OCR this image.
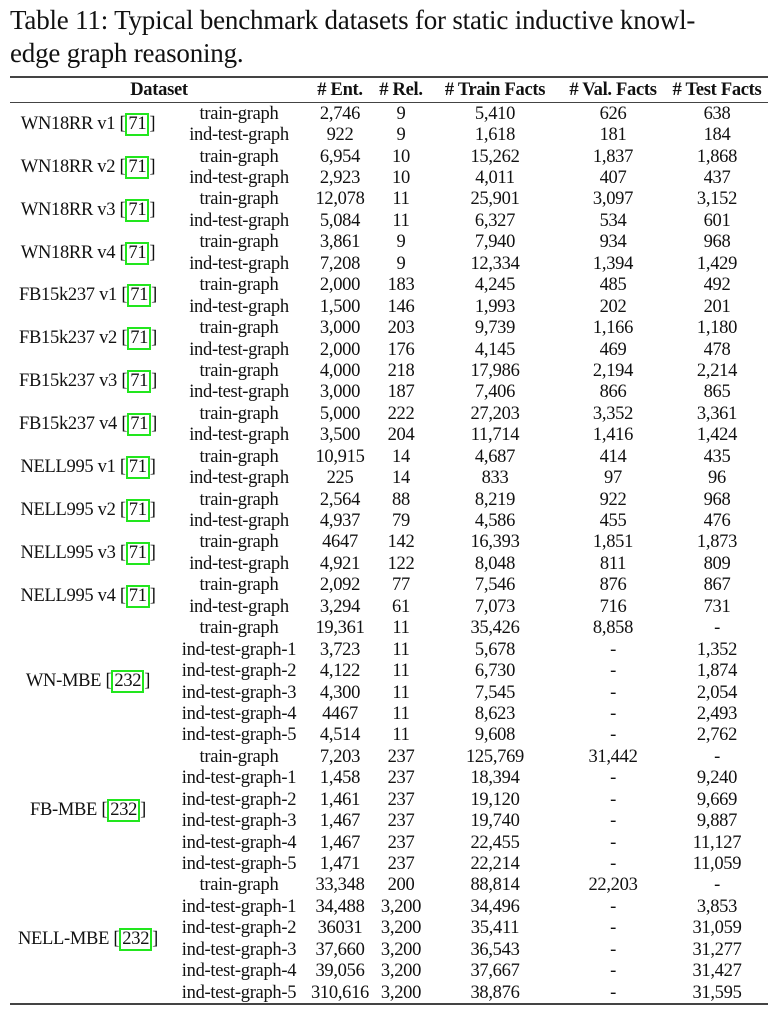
Table 11: Typical benchmark datasets for static inductive knowl-
edge graph reasoning.
Dataset		# Ent.	# Rel.	# Train Facts	# Val. Facts	# Test Facts
WN18RR v1 [ 71 ]	train-graph	2,746	9	5,410	626	638
	ind-test-graph	922	9	1,618	181	184
WN18RR v2 [ 71 ]	train-graph	6,954	10	15,262	1,837	1,868
	ind-test-graph	2,923	10	4,011	407	437
WN18RR v3 [ 71 ]	train-graph	12,078	11	25,901	3,097	3,152
	ind-test-graph	5,084	11	6,327	534	601
WN18RR v4 [ 71 ]	train-graph	3,861	9	7,940	934	968
	ind-test-graph	7,208	9	12,334	1,394	1,429
FB15k237 v1 [ 71 ]	train-graph	2,000	183	4,245	485	492
	ind-test-graph	1,500	146	1,993	202	201
FB15k237 v2 [ 71 ]	train-graph	3,000	203	9,739	1,166	1,180
	ind-test-graph	2,000	176	4,145	469	478
FB15k237 v3 [ 71 ]	train-graph	4,000	218	17,986	2,194	2,214
	ind-test-graph	3,000	187	7,406	866	865
FB15k237 v4 [ 71 ]	train-graph	5,000	222	27,203	3,352	3,361
	ind-test-graph	3,500	204	11,714	1,416	1,424
NELL995 v1 [ 71 ]	train-graph	10,915	14	4,687	414	435
	ind-test-graph	225	14	833	97	96
NELL995 v2 [ 71 ]	train-graph	2,564	88	8,219	922	968
	ind-test-graph	4,937	79	4,586	455	476
NELL995 v3 [ 71 ]	train-graph	4647	142	16,393	1,851	1,873
	ind-test-graph	4,921	122	8,048	811	809
NELL995 v4 [ 71 ]	train-graph	2,092	77	7,546	876	867
	ind-test-graph	3,294	61	7,073	716	731
WN-MBE [ 232 ]	train-graph	19,361	11	35,426	8,858	-
	ind-test-graph-1	3,723	11	5,678	-	1,352
	ind-test-graph-2	4,122	11	6,730	-	1,874
	ind-test-graph-3	4,300	11	7,545	-	2,054
	ind-test-graph-4	4467	11	8,623	-	2,493
	ind-test-graph-5	4,514	11	9,608	-	2,762
FB-MBE [ 232 ]	train-graph	7,203	237	125,769	31,442	-
	ind-test-graph-1	1,458	237	18,394	-	9,240
	ind-test-graph-2	1,461	237	19,120	-	9,669
	ind-test-graph-3	1,467	237	19,740	-	9,887
	ind-test-graph-4	1,467	237	22,455	-	11,127
	ind-test-graph-5	1,471	237	22,214	-	11,059
NELL-MBE [ 232 ]	train-graph	33,348	200	88,814	22,203	-
	ind-test-graph-1	34,488	3,200	34,496	-	3,853
	ind-test-graph-2	36031	3,200	35,411	-	31,059
	ind-test-graph-3	37,660	3,200	36,543	-	31,277
	ind-test-graph-4	39,056	3,200	37,667	-	31,427
	ind-test-graph-5	310,616	3,200	38,876	-	31,595
